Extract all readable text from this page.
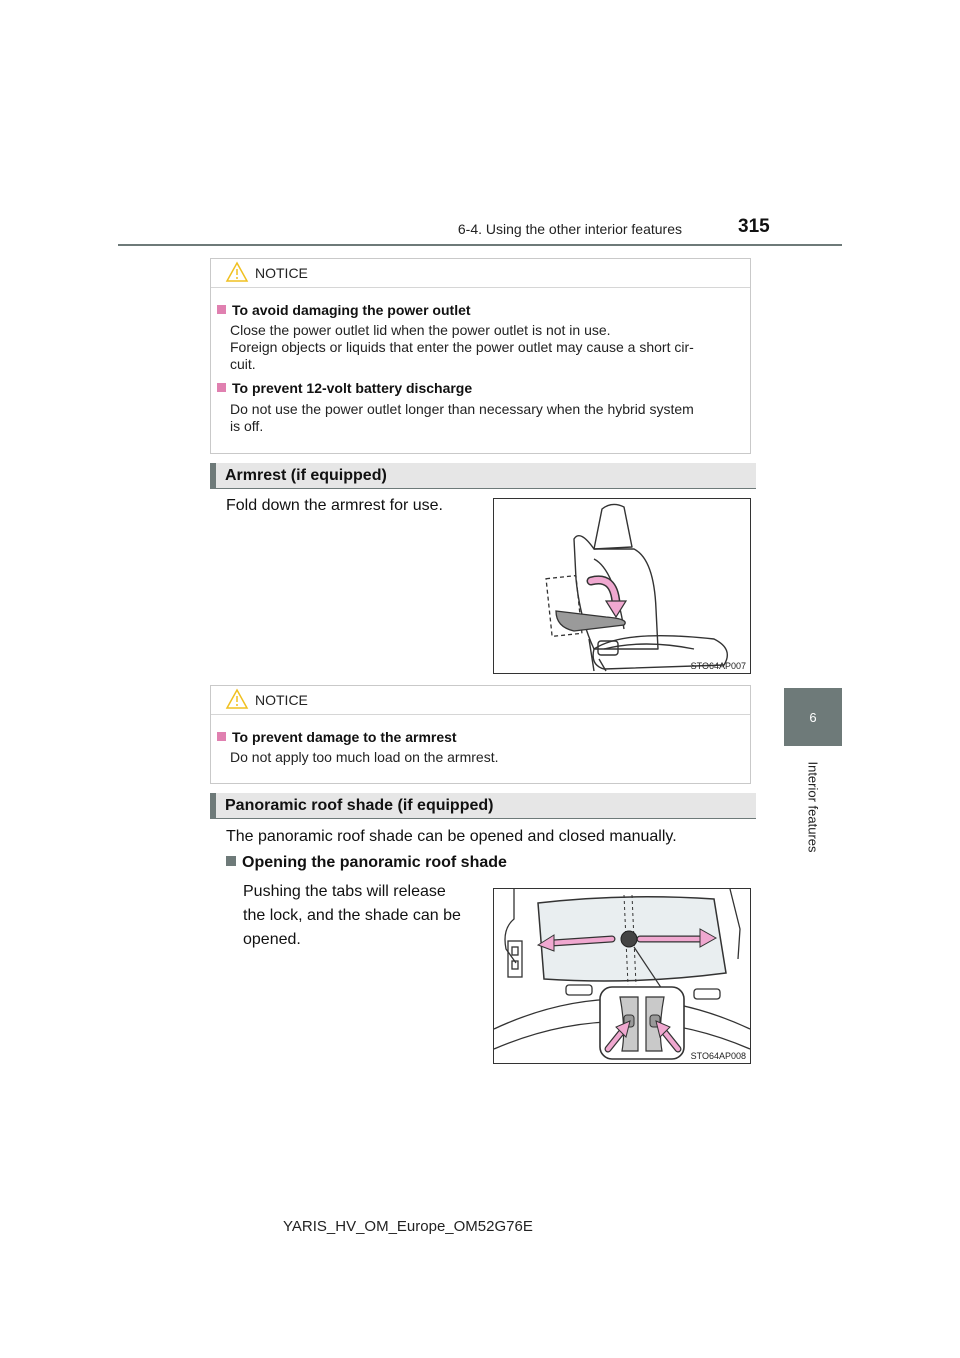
6-4. Using the other interior features	315
6
Interior features
NOTICE
To avoid damaging the power outlet
Close the power outlet lid when the power outlet is not in use.
Foreign objects or liquids that enter the power outlet may cause a short cir-
cuit.
To prevent 12-volt battery discharge
Do not use the power outlet longer than necessary when the hybrid system
is off.
Armrest (if equipped)
Fold down the armrest for use.
STO64AP007
NOTICE
To prevent damage to the armrest
Do not apply too much load on the armrest.
Panoramic roof shade (if equipped)
The panoramic roof shade can be opened and closed manually.
Opening the panoramic roof shade
Pushing the tabs will release
the lock, and the shade can be
opened.
STO64AP008
YARIS_HV_OM_Europe_OM52G76E
